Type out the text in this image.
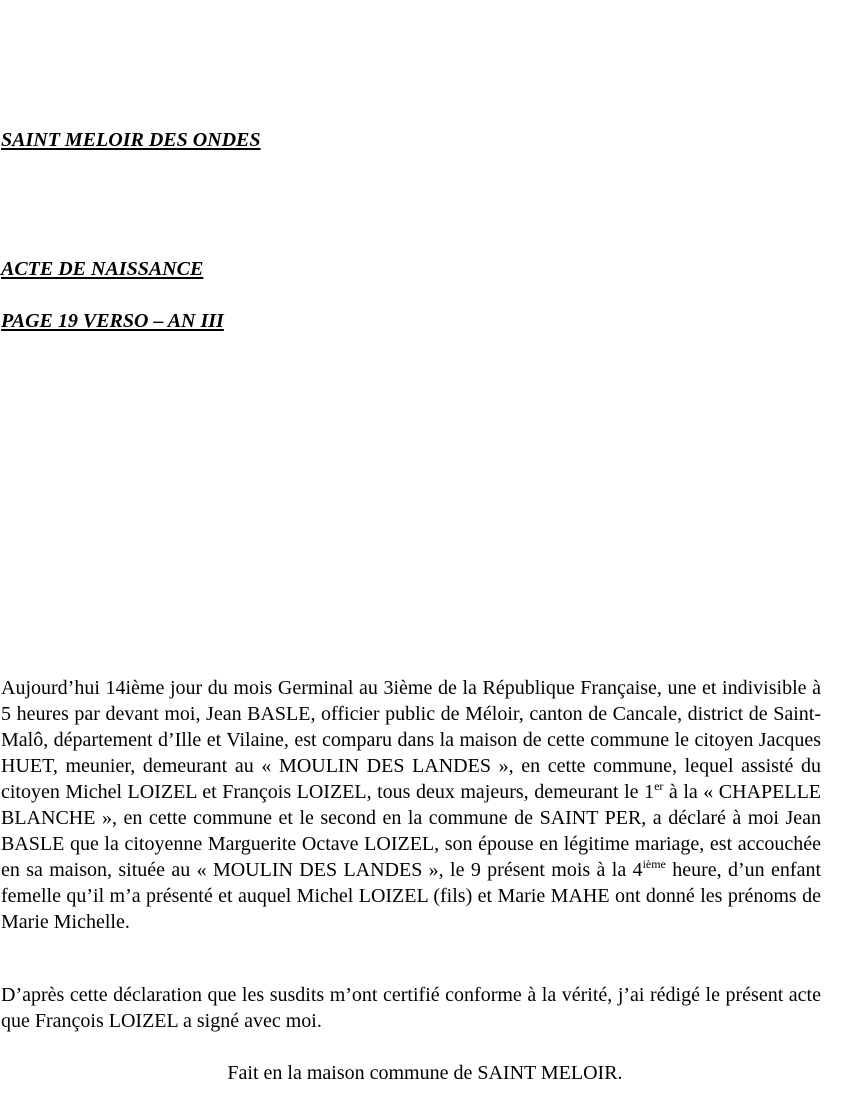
SAINT MELOIR DES ONDES
ACTE DE NAISSANCE
PAGE 19 VERSO – AN III

Aujourd’hui 14ième jour du mois Germinal au 3ième de la République Française, une et indivisible à 5 heures par devant moi, Jean BASLE, officier public de Méloir, canton de Cancale, district de Saint-Malô, département d’Ille et Vilaine, est comparu dans la maison de cette commune le citoyen Jacques HUET, meunier, demeurant au « MOULIN DES LANDES », en cette commune, lequel assisté du citoyen Michel LOIZEL et François LOIZEL, tous deux majeurs, demeurant le 1er à la « CHAPELLE BLANCHE », en cette commune et le second en la commune de SAINT PER, a déclaré à moi Jean BASLE que la citoyenne Marguerite Octave LOIZEL, son épouse en légitime mariage, est accouchée en sa maison, située au « MOULIN DES LANDES », le 9 présent mois à la 4ième heure, d’un enfant femelle qu’il m’a présenté et auquel Michel LOIZEL (fils) et Marie MAHE ont donné les prénoms de Marie Michelle.

D’après cette déclaration que les susdits m’ont certifié conforme à la vérité, j’ai rédigé le présent acte que François LOIZEL a signé avec moi.

Fait en la maison commune de SAINT MELOIR.
